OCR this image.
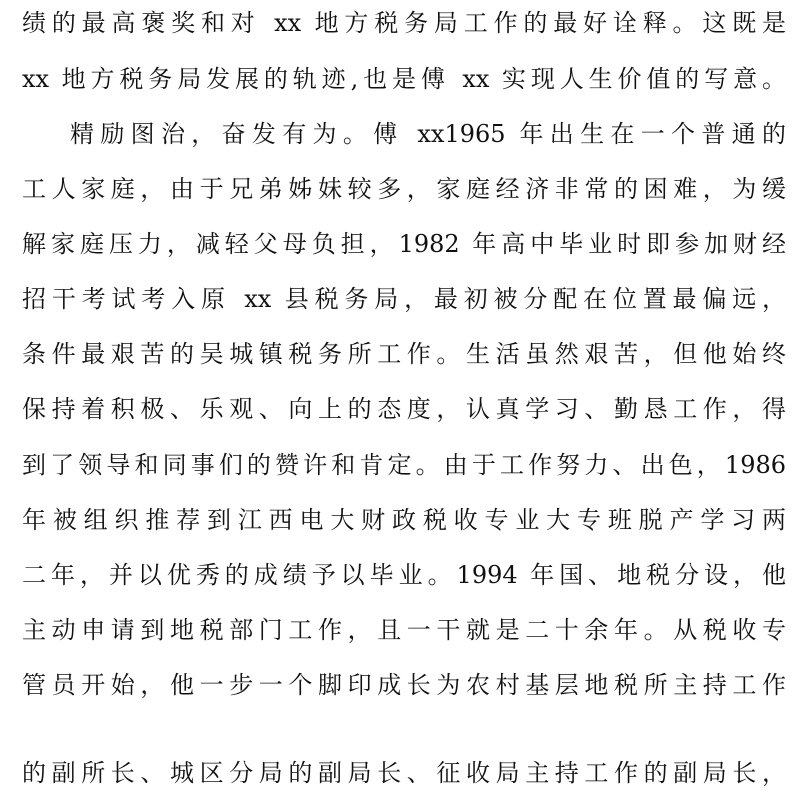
绩的最高褒奖和对 xx 地方税务局工作的最好诠释。这既是
xx 地方税务局发展的轨迹,也是傅 xx 实现人生价值的写意。
精励图治，奋发有为。傅 xx1965 年出生在一个普通的
工人家庭，由于兄弟姊妹较多，家庭经济非常的困难，为缓
解家庭压力，减轻父母负担，1982 年高中毕业时即参加财经
招干考试考入原 xx 县税务局，最初被分配在位置最偏远，
条件最艰苦的吴城镇税务所工作。生活虽然艰苦，但他始终
保持着积极、乐观、向上的态度，认真学习、勤恳工作，得
到了领导和同事们的赞许和肯定。由于工作努力、出色，1986
年被组织推荐到江西电大财政税收专业大专班脱产学习两
二年，并以优秀的成绩予以毕业。1994 年国、地税分设，他
主动申请到地税部门工作，且一干就是二十余年。从税收专
管员开始，他一步一个脚印成长为农村基层地税所主持工作
的副所长、城区分局的副局长、征收局主持工作的副局长，
